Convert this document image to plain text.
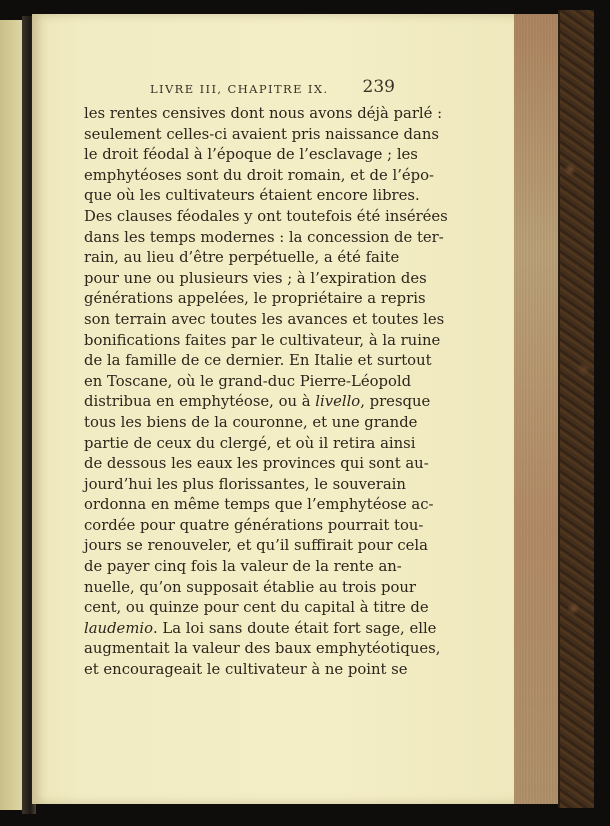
LIVRE III, CHAPITRE IX. 239
les rentes censives dont nous avons déjà parlé :
seulement celles-ci avaient pris naissance dans
le droit féodal à l’époque de l’esclavage ; les
emphytéoses sont du droit romain, et de l’épo-
que où les cultivateurs étaient encore libres.
Des clauses féodales y ont toutefois été insérées
dans les temps modernes : la concession de ter-
rain, au lieu d’être perpétuelle, a été faite
pour une ou plusieurs vies ; à l’expiration des
générations appelées, le propriétaire a repris
son terrain avec toutes les avances et toutes les
bonifications faites par le cultivateur, à la ruine
de la famille de ce dernier. En Italie et surtout
en Toscane, où le grand-duc Pierre-Léopold
distribua en emphytéose, ou à livello, presque
tous les biens de la couronne, et une grande
partie de ceux du clergé, et où il retira ainsi
de dessous les eaux les provinces qui sont au-
jourd’hui les plus florissantes, le souverain
ordonna en même temps que l’emphytéose ac-
cordée pour quatre générations pourrait tou-
jours se renouveler, et qu’il suffirait pour cela
de payer cinq fois la valeur de la rente an-
nuelle, qu’on supposait établie au trois pour
cent, ou quinze pour cent du capital à titre de
laudemio. La loi sans doute était fort sage, elle
augmentait la valeur des baux emphytéotiques,
et encourageait le cultivateur à ne point se
